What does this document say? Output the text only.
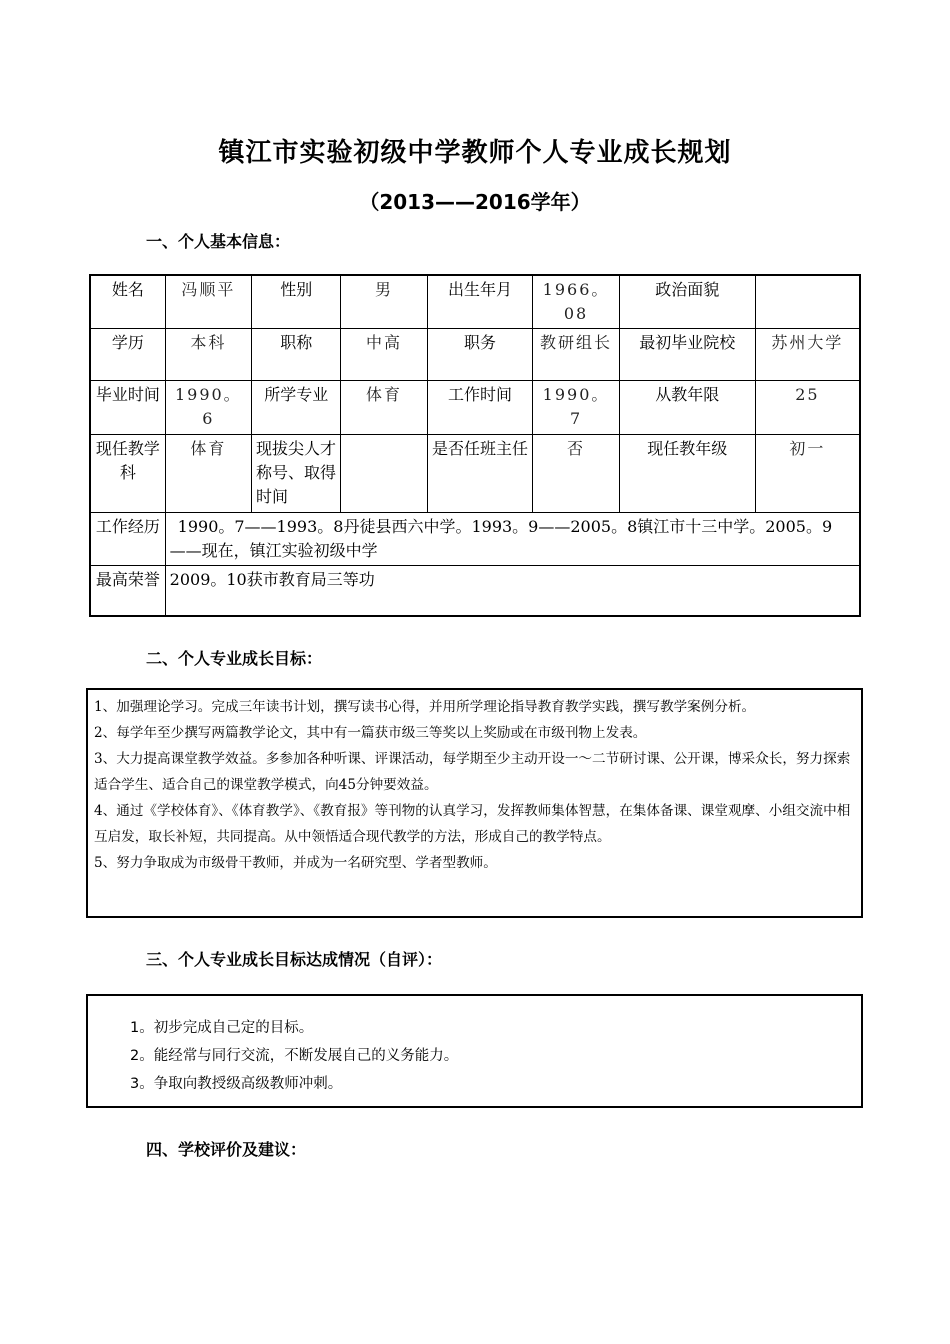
镇江市实验初级中学教师个人专业成长规划
（2013——2016学年）
一、个人基本信息：
姓名	冯顺平	性别	男	出生年月	1966。08	政治面貌	
学历	本科	职称	中高	职务	教研组长	最初毕业院校	苏州大学
毕业时间	1990。6	所学专业	体育	工作时间	1990。7	从教年限	25
现任教学科	体育	现拔尖人才称号、取得时间		是否任班主任	否	现任教年级	初一
工作经历	1990。7——1993。8丹徒县西六中学。1993。9——2005。8镇江市十三中学。2005。9——现在，镇江实验初级中学						
最高荣誉	2009。10获市教育局三等功						
二、个人专业成长目标：

1、加强理论学习。完成三年读书计划，撰写读书心得，并用所学理论指导教育教学实践，撰写教学案例分析。

2、每学年至少撰写两篇教学论文，其中有一篇获市级三等奖以上奖励或在市级刊物上发表。

3、大力提高课堂教学效益。多参加各种听课、评课活动，每学期至少主动开设一～二节研讨课、公开课，博采众长，努力探索适合学生、适合自己的课堂教学模式，向45分钟要效益。

4、通过《学校体育》、《体育教学》、《教育报》等刊物的认真学习，发挥教师集体智慧，在集体备课、课堂观摩、小组交流中相互启发，取长补短，共同提高。从中领悟适合现代教学的方法，形成自己的教学特点。

5、努力争取成为市级骨干教师，并成为一名研究型、学者型教师。

三、个人专业成长目标达成情况（自评）：

1。初步完成自己定的目标。

2。能经常与同行交流，不断发展自己的义务能力。

3。争取向教授级高级教师冲刺。

四、学校评价及建议：
